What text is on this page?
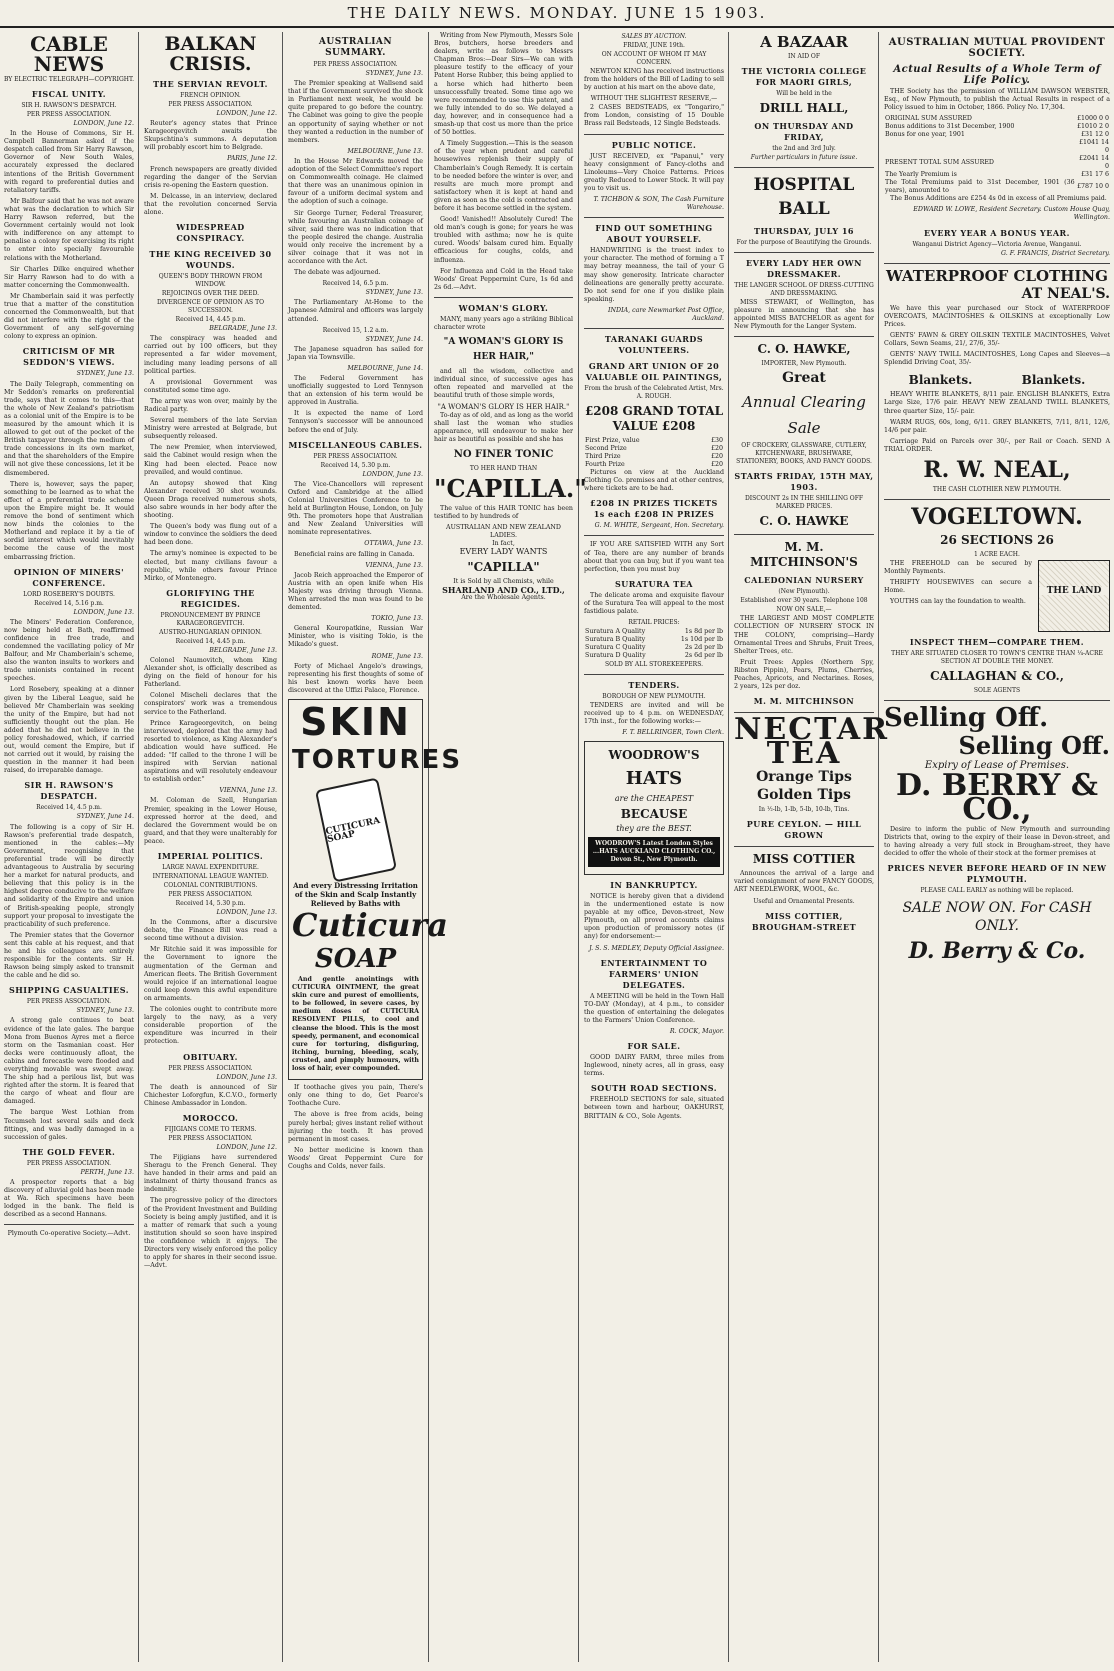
THE DAILY NEWS. MONDAY. JUNE 15 1903.
CABLE NEWS
BY ELECTRIC TELEGRAPH—COPYRIGHT.
FISCAL UNITY.
SIR H. RAWSON'S DESPATCH.
PER PRESS ASSOCIATION.
LONDON, June 12.

In the House of Commons, Sir H. Campbell Bannerman asked if the despatch called from Sir Harry Rawson, Governor of New South Wales, accurately expressed the declared intentions of the British Government with regard to preferential duties and retaliatory tariffs.

Mr Balfour said that he was not aware what was the declaration to which Sir Harry Rawson referred, but the Government certainly would not look with indifference on any attempt to penalise a colony for exercising its right to enter into specially favourable relations with the Motherland.

Sir Charles Dilke enquired whether Sir Harry Rawson had to do with a matter concerning the Commonwealth.

Mr Chamberlain said it was perfectly true that a matter of the constitution concerned the Commonwealth, but that did not interfere with the right of the Government of any self-governing colony to express an opinion.

CRITICISM OF MR SEDDON'S VIEWS.
SYDNEY, June 13.

The Daily Telegraph, commenting on Mr Seddon's remarks on preferential trade, says that it comes to this—that the whole of New Zealand's patriotism as a colonial unit of the Empire is to be measured by the amount which it is allowed to get out of the pocket of the British taxpayer through the medium of trade concessions in its own market, and that the shareholders of the Empire will not give these concessions, let it be dismembered.

There is, however, says the paper, something to be learned as to what the effect of a preferential trade scheme upon the Empire might be. It would remove the bond of sentiment which now binds the colonies to the Motherland and replace it by a tie of sordid interest which would inevitably become the cause of the most embarrassing friction.

OPINION OF MINERS' CONFERENCE.
LORD ROSEBERY'S DOUBTS.
Received 14, 5.16 p.m.
LONDON, June 13.

The Miners' Federation Conference, now being held at Bath, reaffirmed confidence in free trade, and condemned the vacillating policy of Mr Balfour, and Mr Chamberlain's scheme, also the wanton insults to workers and trade unionists contained in recent speeches.

Lord Rosebery, speaking at a dinner given by the Liberal League, said he believed Mr Chamberlain was seeking the unity of the Empire, but had not sufficiently thought out the plan. He added that he did not believe in the policy foreshadowed, which, if carried out, would cement the Empire, but if not carried out it would, by raising the question in the manner it had been raised, do irreparable damage.

SIR H. RAWSON'S DESPATCH.
Received 14, 4.5 p.m.
SYDNEY, June 14.

The following is a copy of Sir H. Rawson's preferential trade despatch, mentioned in the cables:—My Government, recognising that preferential trade will be directly advantageous to Australia by securing her a market for natural products, and believing that this policy is in the highest degree conducive to the welfare and solidarity of the Empire and union of British-speaking people, strongly support your proposal to investigate the practicability of such preference.

The Premier states that the Governor sent this cable at his request, and that he and his colleagues are entirely responsible for the contents. Sir H. Rawson being simply asked to transmit the cable and he did so.

SHIPPING CASUALTIES.
PER PRESS ASSOCIATION.
SYDNEY, June 13.

A strong gale continues to beat evidence of the late gales. The barque Mona from Buenos Ayres met a fierce storm on the Tasmanian coast. Her decks were continuously afloat, the cabins and forecastle were flooded and everything movable was swept away. The ship had a perilous list, but was righted after the storm. It is feared that the cargo of wheat and flour are damaged.

The barque West Lothian from Tecumseh lost several sails and deck fittings, and was badly damaged in a succession of gales.

THE GOLD FEVER.
PER PRESS ASSOCIATION.
PERTH, June 13.

A prospector reports that a big discovery of alluvial gold has been made at Wa. Rich specimens have been lodged in the bank. The field is described as a second Hannans.

Plymouth Co-operative Society.—Advt.
BALKAN CRISIS.
THE SERVIAN REVOLT.
FRENCH OPINION.
PER PRESS ASSOCIATION.
LONDON, June 12.

Reuter's agency states that Prince Karageorgevitch awaits the Skupschtina's summons. A deputation will probably escort him to Belgrade.

PARIS, June 12.

French newspapers are greatly divided regarding the danger of the Servian crisis re-opening the Eastern question.

M. Delcasse, in an interview, declared that the revolution concerned Servia alone.

WIDESPREAD CONSPIRACY.
THE KING RECEIVED 30 WOUNDS.
QUEEN'S BODY THROWN FROM WINDOW.
REJOICINGS OVER THE DEED.
DIVERGENCE OF OPINION AS TO SUCCESSION.
Received 14, 4.45 p.m.
BELGRADE, June 13.

The conspiracy was headed and carried out by 100 officers, but they represented a far wider movement, including many leading persons of all political parties.

A provisional Government was constituted some time ago.

The army was won over, mainly by the Radical party.

Several members of the late Servian Ministry were arrested at Belgrade, but subsequently released.

The new Premier, when interviewed, said the Cabinet would resign when the King had been elected. Peace now prevailed, and would continue.

An autopsy showed that King Alexander received 30 shot wounds. Queen Draga received numerous shots, also sabre wounds in her body after the shooting.

The Queen's body was flung out of a window to convince the soldiers the deed had been done.

The army's nominee is expected to be elected, but many civilians favour a republic, while others favour Prince Mirko, of Montenegro.

GLORIFYING THE REGICIDES.
PRONOUNCEMENT BY PRINCE KARAGEORGEVITCH.
AUSTRO-HUNGARIAN OPINION.
Received 14, 4.45 p.m.
BELGRADE, June 13.

Colonel Naumovitch, whom King Alexander shot, is officially described as dying on the field of honour for his Fatherland.

Colonel Mischeli declares that the conspirators' work was a tremendous service to the Fatherland.

Prince Karageorgevitch, on being interviewed, deplored that the army had resorted to violence, as King Alexander's abdication would have sufficed. He added: "If called to the throne I will be inspired with Servian national aspirations and will resolutely endeavour to establish order."

VIENNA, June 13.

M. Coloman de Szell, Hungarian Premier, speaking in the Lower House, expressed horror at the deed, and declared the Government would be on guard, and that they were unalterably for peace.

IMPERIAL POLITICS.
LARGE NAVAL EXPENDITURE.
INTERNATIONAL LEAGUE WANTED.
COLONIAL CONTRIBUTIONS.
PER PRESS ASSOCIATION.
Received 14, 5.30 p.m.
LONDON, June 13.

In the Commons, after a discursive debate, the Finance Bill was read a second time without a division.

Mr Ritchie said it was impossible for the Government to ignore the augmentation of the German and American fleets. The British Government would rejoice if an international league could keep down this awful expenditure on armaments.

The colonies ought to contribute more largely to the navy, as a very considerable proportion of the expenditure was incurred in their protection.

OBITUARY.
PER PRESS ASSOCIATION.
LONDON, June 13.

The death is announced of Sir Chichester Loforgfun, K.C.V.O., formerly Chinese Ambassador in London.

MOROCCO.
FIJIGIANS COME TO TERMS.
PER PRESS ASSOCIATION.
LONDON, June 12.

The Fijigians have surrendered Sheragu to the French General. They have handed in their arms and paid an instalment of thirty thousand francs as indemnity.

The progressive policy of the directors of the Provident Investment and Building Society is being amply justified, and it is a matter of remark that such a young institution should so soon have inspired the confidence which it enjoys. The Directors very wisely enforced the policy to apply for shares in their second issue.—Advt.

AUSTRALIAN SUMMARY.
PER PRESS ASSOCIATION.
SYDNEY, June 13.

The Premier speaking at Wallsend said that if the Government survived the shock in Parliament next week, he would be quite prepared to go before the country. The Cabinet was going to give the people an opportunity of saying whether or not they wanted a reduction in the number of members.

MELBOURNE, June 13.

In the House Mr Edwards moved the adoption of the Select Committee's report on Commonwealth coinage. He claimed that there was an unanimous opinion in favour of a uniform decimal system and the adoption of such a coinage.

Sir George Turner, Federal Treasurer, while favouring an Australian coinage of silver, said there was no indication that the people desired the change. Australia would only receive the increment by a silver coinage that it was not in accordance with the Act.

The debate was adjourned.

Received 14, 6.5 p.m.
SYDNEY, June 13.

The Parliamentary At-Home to the Japanese Admiral and officers was largely attended.

Received 15, 1.2 a.m.
SYDNEY, June 14.

The Japanese squadron has sailed for Japan via Townsville.

MELBOURNE, June 14.

The Federal Government has unofficially suggested to Lord Tennyson that an extension of his term would be approved in Australia.

It is expected the name of Lord Tennyson's successor will be announced before the end of July.

MISCELLANEOUS CABLES.
PER PRESS ASSOCIATION.
Received 14, 5.30 p.m.
LONDON, June 13.

The Vice-Chancellors will represent Oxford and Cambridge at the allied Colonial Universities Conference to be held at Burlington House, London, on July 9th. The promoters hope that Australian and New Zealand Universities will nominate representatives.

OTTAWA, June 13.

Beneficial rains are falling in Canada.

VIENNA, June 13.

Jacob Reich approached the Emperor of Austria with an open knife when His Majesty was driving through Vienna. When arrested the man was found to be demented.

TOKIO, June 13.

General Kouropatkine, Russian War Minister, who is visiting Tokio, is the Mikado's guest.

ROME, June 13.

Forty of Michael Angelo's drawings, representing his first thoughts of some of his best known works have been discovered at the Uffizi Palace, Florence.

SKIN
TORTURES
CUTICURA SOAP
And every Distressing Irritation of the Skin and Scalp Instantly Relieved by Baths with
Cuticura
SOAP

And gentle anointings with CUTICURA OINTMENT, the great skin cure and purest of emollients, to be followed, in severe cases, by medium doses of CUTICURA RESOLVENT PILLS, to cool and cleanse the blood. This is the most speedy, permanent, and economical cure for torturing, disfiguring, itching, burning, bleeding, scaly, crusted, and pimply humours, with loss of hair, ever compounded.

If toothache gives you pain, There's only one thing to do, Get Pearce's Toothache Cure.

The above is free from acids, being purely herbal; gives instant relief without injuring the teeth. It has proved permanent in most cases.

No better medicine is known than Woods' Great Peppermint Cure for Coughs and Colds, never fails.

Writing from New Plymouth, Messrs Sole Bros, butchers, horse breeders and dealers, write as follows to Messrs Chapman Bros:—Dear Sirs—We can with pleasure testify to the efficacy of your Patent Horse Rubber, this being applied to a horse which had hitherto been unsuccessfully treated. Some time ago we were recommended to use this patent, and we fully intended to do so. We delayed a day, however, and in consequence had a smash-up that cost us more than the price of 50 bottles.

A Timely Suggestion.—This is the season of the year when prudent and careful housewives replenish their supply of Chamberlain's Cough Remedy. It is certain to be needed before the winter is over, and results are much more prompt and satisfactory when it is kept at hand and given as soon as the cold is contracted and before it has become settled in the system.

Good! Vanished!! Absolutely Cured! The old man's cough is gone; for years he was troubled with asthma; now he is quite cured. Woods' balsam cured him. Equally efficacious for coughs, colds, and influenza.

For Influenza and Cold in the Head take Woods' Great Peppermint Cure, 1s 6d and 2s 6d.—Advt.

WOMAN'S GLORY.

MANY, many years ago a striking Biblical character wrote

"A WOMAN'S GLORY IS HER HAIR,"

and all the wisdom, collective and individual since, of successive ages has often repeated and marvelled at the beautiful truth of those simple words,

"A WOMAN'S GLORY IS HER HAIR."

To-day as of old, and as long as the world shall last the woman who studies appearance, will endeavour to make her hair as beautiful as possible and she has

NO FINER TONIC
TO HER HAND THAN
"CAPILLA."

The value of this HAIR TONIC has been testified to by hundreds of

AUSTRALIAN AND NEW ZEALAND LADIES.
In fact,
EVERY LADY WANTS
"CAPILLA"
It is Sold by all Chemists, while
SHARLAND AND CO., LTD.,
Are the Wholesale Agents.
SALES BY AUCTION.
FRIDAY, JUNE 19th.
ON ACCOUNT OF WHOM IT MAY CONCERN.

NEWTON KING has received instructions from the holders of the Bill of Lading to sell by auction at his mart on the above date,

WITHOUT THE SLIGHTEST RESERVE,—

2 CASES BEDSTEADS, ex "Tongariro," from London, consisting of 15 Double Brass rail Bedsteads, 12 Single Bedsteads.

PUBLIC NOTICE.

JUST RECEIVED, ex "Papanui," very heavy consignment of Fancy-cloths and Linoleums—Very Choice Patterns. Prices greatly Reduced to Lower Stock. It will pay you to visit us.

T. TICHBON & SON, The Cash Furniture Warehouse.
FIND OUT SOMETHING ABOUT YOURSELF.

HANDWRITING is the truest index to your character. The method of forming a T may betray meanness, the tail of your G may show generosity. Intricate character delineations are generally pretty accurate. Do not send for one if you dislike plain speaking.

INDIA, care Newmarket Post Office, Auckland.
TARANAKI GUARDS VOLUNTEERS.
GRAND ART UNION OF 20 VALUABLE OIL PAINTINGS,
From the brush of the Celebrated Artist, Mrs. A. ROUGH.
£208 GRAND TOTAL VALUE £208
First Prize, value	£30
Second Prize	£20
Third Prize	£20
Fourth Prize	£20

Pictures on view at the Auckland Clothing Co. premises and at other centres, where tickets are to be had.

£208 IN PRIZES TICKETS 1s each £208 IN PRIZES
G. M. WHITE, Sergeant, Hon. Secretary.

IF YOU ARE SATISFIED WITH any Sort of Tea, there are any number of brands about that you can buy, but if you want tea perfection, then you must buy

SURATURA TEA

The delicate aroma and exquisite flavour of the Suratura Tea will appeal to the most fastidious palate.

RETAIL PRICES:
Suratura A Quality	1s 8d per lb
Suratura B Quality	1s 10d per lb
Suratura C Quality	2s 2d per lb
Suratura D Quality	2s 6d per lb
SOLD BY ALL STOREKEEPERS.
TENDERS.
BOROUGH OF NEW PLYMOUTH.

TENDERS are invited and will be received up to 4 p.m. on WEDNESDAY, 17th inst., for the following works:—

F. T. BELLRINGER, Town Clerk.
WOODROW'S
HATS
are the CHEAPEST
BECAUSE
they are the BEST.
WOODROW'S Latest London Styles ...HATS AUCKLAND CLOTHING CO., Devon St., New Plymouth.
IN BANKRUPTCY.

NOTICE is hereby given that a dividend in the undermentioned estate is now payable at my office, Devon-street, New Plymouth, on all proved accounts claims upon production of promissory notes (if any) for endorsement:—

J. S. S. MEDLEY, Deputy Official Assignee.
ENTERTAINMENT TO FARMERS' UNION DELEGATES.

A MEETING will be held in the Town Hall TO-DAY (Monday), at 4 p.m., to consider the question of entertaining the delegates to the Farmers' Union Conference.

R. COCK, Mayor.
FOR SALE.

GOOD DAIRY FARM, three miles from Inglewood, ninety acres, all in grass, easy terms.

SOUTH ROAD SECTIONS.

FREEHOLD SECTIONS for sale, situated between town and harbour, OAKHURST, BRITTAIN & CO., Sole Agents.

A BAZAAR
IN AID OF
THE VICTORIA COLLEGE FOR MAORI GIRLS,
Will be held in the
DRILL HALL,
ON THURSDAY AND FRIDAY,
the 2nd and 3rd July.
Further particulars in future issue.
HOSPITAL BALL
THURSDAY, JULY 16
For the purpose of Beautifying the Grounds.
EVERY LADY HER OWN DRESSMAKER.
THE LANGER SCHOOL OF DRESS-CUTTING AND DRESSMAKING.

MISS STEWART, of Wellington, has pleasure in announcing that she has appointed MISS BATCHELOR as agent for New Plymouth for the Langer System.

C. O. HAWKE,
IMPORTER, New Plymouth.
Great
Annual Clearing Sale
OF CROCKERY, GLASSWARE, CUTLERY, KITCHENWARE, BRUSHWARE, STATIONERY, BOOKS, AND FANCY GOODS.
STARTS FRIDAY, 15TH MAY, 1903.
DISCOUNT 2s IN THE SHILLING OFF MARKED PRICES.
C. O. HAWKE
M. M. MITCHINSON'S
CALEDONIAN NURSERY
(New Plymouth).
Established over 30 years. Telephone 108
NOW ON SALE,—

THE LARGEST AND MOST COMPLETE COLLECTION OF NURSERY STOCK IN THE COLONY, comprising—Hardy Ornamental Trees and Shrubs, Fruit Trees, Shelter Trees, etc.

Fruit Trees: Apples (Northern Spy, Ribston Pippin), Pears, Plums, Cherries, Peaches, Apricots, and Nectarines. Roses, 2 years, 12s per doz.

M. M. MITCHINSON
NECTAR TEA
Orange Tips
Golden Tips
In ½-lb, 1-lb, 5-lb, 10-lb, Tins.
PURE CEYLON. — HILL GROWN
MISS COTTIER

Announces the arrival of a large and varied consignment of new FANCY GOODS, ART NEEDLEWORK, WOOL, &c.

Useful and Ornamental Presents.
MISS COTTIER, BROUGHAM-STREET
AUSTRALIAN MUTUAL PROVIDENT SOCIETY.
Actual Results of a Whole Term of Life Policy.

THE Society has the permission of WILLIAM DAWSON WEBSTER, Esq., of New Plymouth, to publish the Actual Results in respect of a Policy issued to him in October, 1866. Policy No. 17,304.

ORIGINAL SUM ASSURED	£1000 0 0
Bonus additions to 31st December, 1900	£1010 2 0
Bonus for one year, 1901	£31 12 0
	£1041 14 0
PRESENT TOTAL SUM ASSURED	£2041 14 0
The Yearly Premium is	£31 17 6
The Total Premiums paid to 31st December, 1901 (36 years), amounted to	£787 10 0

The Bonus Additions are £254 4s 0d in excess of all Premiums paid.

EDWARD W. LOWE, Resident Secretary. Custom House Quay, Wellington.
EVERY YEAR A BONUS YEAR.
Wanganui District Agency—Victoria Avenue, Wanganui.
G. F. FRANCIS, District Secretary.
WATERPROOF CLOTHING
AT NEAL'S.

We have this year purchased our Stock of WATERPROOF OVERCOATS, MACINTOSHES & OILSKINS at exceptionally Low Prices.

GENTS' FAWN & GREY OILSKIN TEXTILE MACINTOSHES, Velvet Collars, Sewn Seams, 21/, 27/6, 35/-

GENTS' NAVY TWILL MACINTOSHES, Long Capes and Sleeves—a Splendid Driving Coat, 35/-

Blankets.	Blankets.

HEAVY WHITE BLANKETS, 8/11 pair. ENGLISH BLANKETS, Extra Large Size, 17/6 pair. HEAVY NEW ZEALAND TWILL BLANKETS, three quarter Size, 15/- pair.

WARM RUGS, 60s, long, 6/11. GREY BLANKETS, 7/11, 8/11, 12/6, 14/6 per pair.

Carriage Paid on Parcels over 30/-, per Rail or Coach. SEND A TRIAL ORDER.

R. W. NEAL,
THE CASH CLOTHIER NEW PLYMOUTH.
VOGELTOWN.
26 SECTIONS 26
1 ACRE EACH.

THE FREEHOLD can be secured by Monthly Payments.

THRIFTY HOUSEWIVES can secure a Home.

YOUTHS can lay the foundation to wealth.

THE LAND
INSPECT THEM—COMPARE THEM.
THEY ARE SITUATED CLOSER TO TOWN'S CENTRE THAN ¼-ACRE SECTION AT DOUBLE THE MONEY.
CALLAGHAN & CO.,
SOLE AGENTS
Selling Off.
Selling Off.
Expiry of Lease of Premises.
D. BERRY & CO.,

Desire to inform the public of New Plymouth and surrounding Districts that, owing to the expiry of their lease in Devon-street, and to having already a very full stock in Brougham-street, they have decided to offer the whole of their stock at the former premises at

PRICES NEVER BEFORE HEARD OF IN NEW PLYMOUTH.
PLEASE CALL EARLY as nothing will be replaced.
SALE NOW ON. For CASH ONLY.
D. Berry & Co.
